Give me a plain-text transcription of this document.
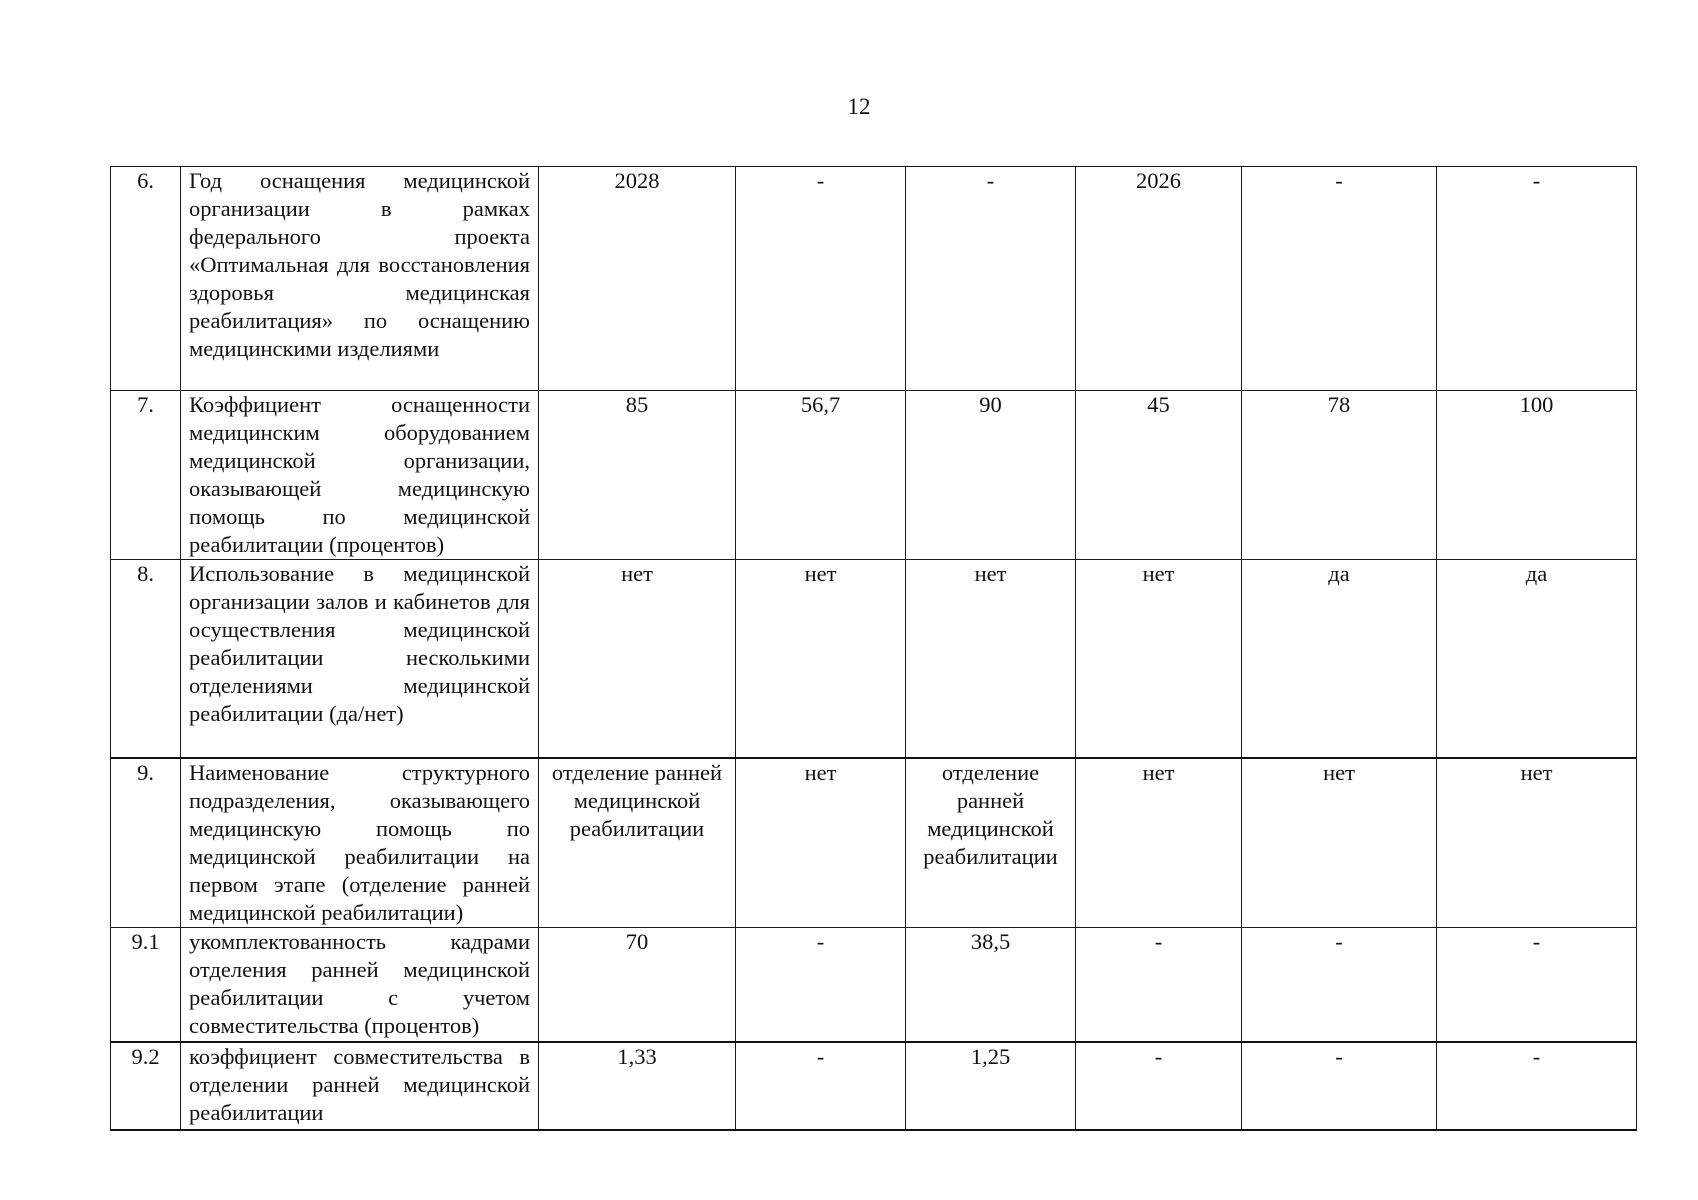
12
6.	Год оснащения медицинской организации в рамках федерального проекта «Оптимальная для восстановления здоровья медицинская реабилитация» по оснащению медицинскими изделиями	2028	-	-	2026	-	-
7.	Коэффициент оснащенности медицинским оборудованием медицинской организации, оказывающей медицинскую помощь по медицинской реабилитации (процентов)	85	56,7	90	45	78	100
8.	Использование в медицинской организации залов и кабинетов для осуществления медицинской реабилитации несколькими отделениями медицинской реабилитации (да/нет)	нет	нет	нет	нет	да	да
9.	Наименование структурного подразделения, оказывающего медицинскую помощь по медицинской реабилитации на первом этапе (отделение ранней медицинской реабилитации)	отделение ранней медицинской реабилитации	нет	отделение ранней медицинской реабилитации	нет	нет	нет
9.1	укомплектованность кадрами отделения ранней медицинской реабилитации с учетом совместительства (процентов)	70	-	38,5	-	-	-
9.2	коэффициент совместительства в отделении ранней медицинской реабилитации	1,33	-	1,25	-	-	-
